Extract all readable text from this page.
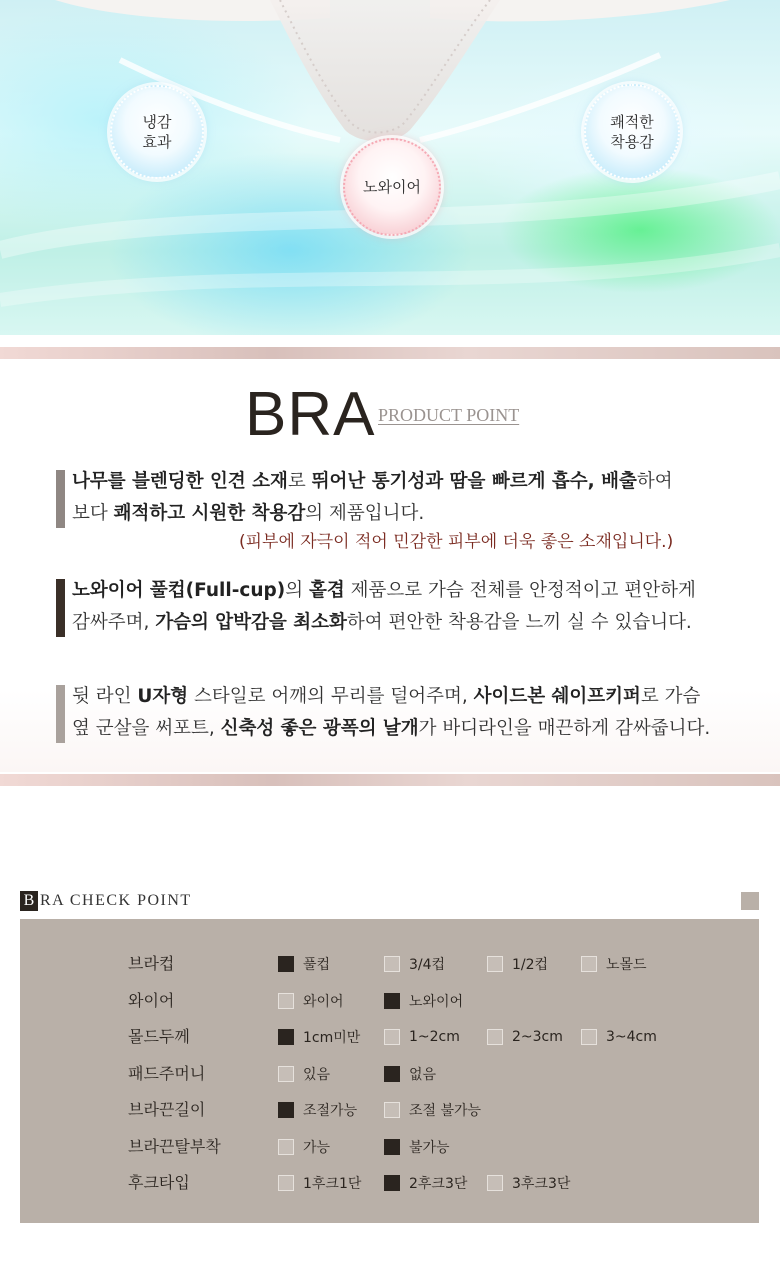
냉감
효과
쾌적한
착용감
노와이어
BRA PRODUCT POINT
나무를 블렌딩한 인견 소재로 뛰어난 통기성과 땀을 빠르게 흡수, 배출하여
보다 쾌적하고 시원한 착용감의 제품입니다.
(피부에 자극이 적어 민감한 피부에 더욱 좋은 소재입니다.)
노와이어 풀컵(Full-cup)의 홑겹 제품으로 가슴 전체를 안정적이고 편안하게
감싸주며, 가슴의 압박감을 최소화하여 편안한 착용감을 느끼 실 수 있습니다.
뒷 라인 U자형 스타일로 어깨의 무리를 덜어주며, 사이드본 쉐이프키퍼로 가슴
옆 군살을 써포트, 신축성 좋은 광폭의 날개가 바디라인을 매끈하게 감싸줍니다.
B RA CHECK POINT
브라컵	풀컵	3/4컵	1/2컵	노몰드
와이어	와이어	노와이어
몰드두께	1cm미만	1~2cm	2~3cm	3~4cm
패드주머니	있음	없음
브라끈길이	조절가능	조절 불가능
브라끈탈부착	가능	불가능
후크타입	1후크1단	2후크3단	3후크3단
